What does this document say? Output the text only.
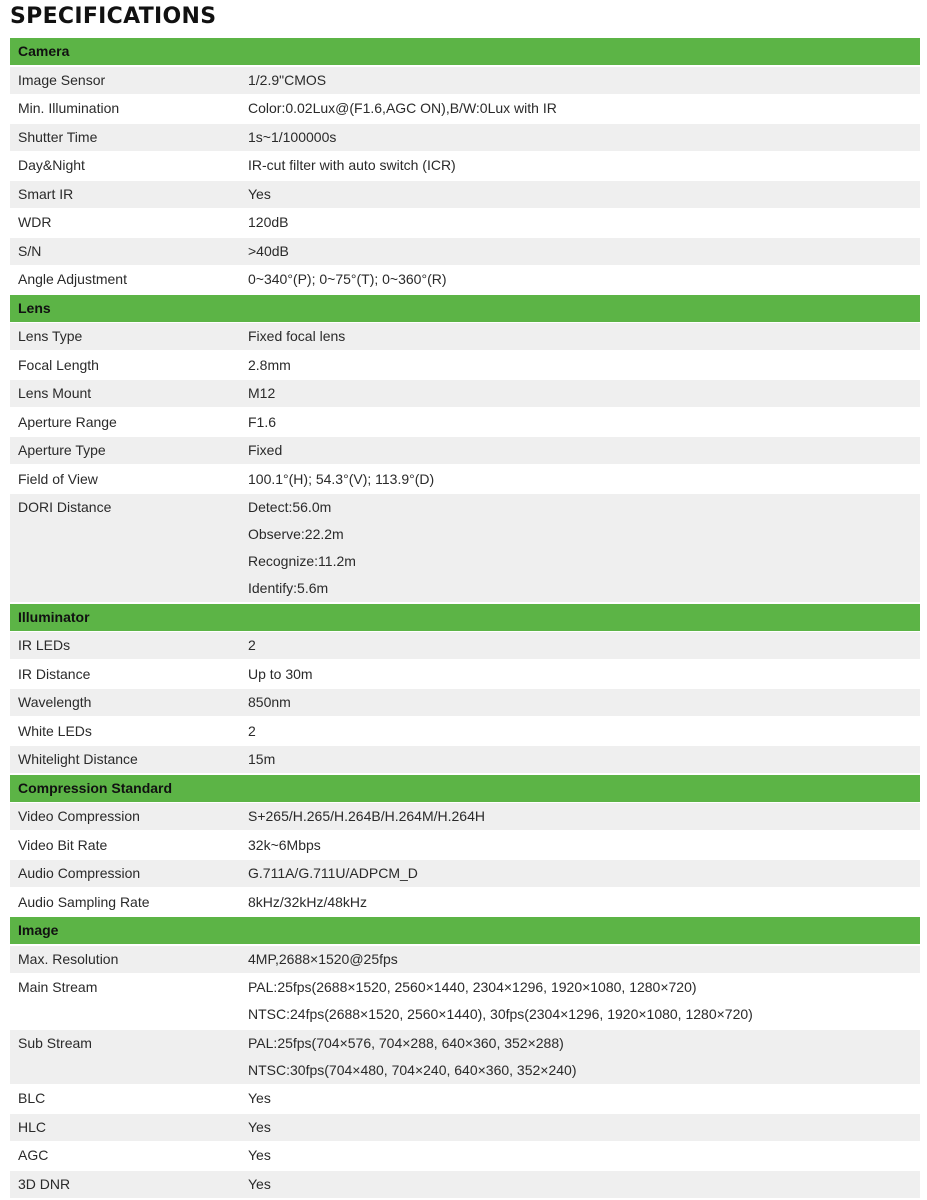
SPECIFICATIONS
Camera
Image Sensor	1/2.9"CMOS
Min. Illumination	Color:0.02Lux@(F1.6,AGC ON),B/W:0Lux with IR
Shutter Time	1s~1/100000s
Day&Night	IR-cut filter with auto switch (ICR)
Smart IR	Yes
WDR	120dB
S/N	>40dB
Angle Adjustment	0~340°(P); 0~75°(T); 0~360°(R)
Lens
Lens Type	Fixed focal lens
Focal Length	2.8mm
Lens Mount	M12
Aperture Range	F1.6
Aperture Type	Fixed
Field of View	100.1°(H); 54.3°(V); 113.9°(D)
DORI Distance	Detect:56.0m
Observe:22.2m
Recognize:11.2m
Identify:5.6m
Illuminator
IR LEDs	2
IR Distance	Up to 30m
Wavelength	850nm
White LEDs	2
Whitelight Distance	15m
Compression Standard
Video Compression	S+265/H.265/H.264B/H.264M/H.264H
Video Bit Rate	32k~6Mbps
Audio Compression	G.711A/G.711U/ADPCM_D
Audio Sampling Rate	8kHz/32kHz/48kHz
Image
Max. Resolution	4MP,2688×1520@25fps
Main Stream	PAL:25fps(2688×1520, 2560×1440, 2304×1296, 1920×1080, 1280×720)
NTSC:24fps(2688×1520, 2560×1440), 30fps(2304×1296, 1920×1080, 1280×720)
Sub Stream	PAL:25fps(704×576, 704×288, 640×360, 352×288)
NTSC:30fps(704×480, 704×240, 640×360, 352×240)
BLC	Yes
HLC	Yes
AGC	Yes
3D DNR	Yes
